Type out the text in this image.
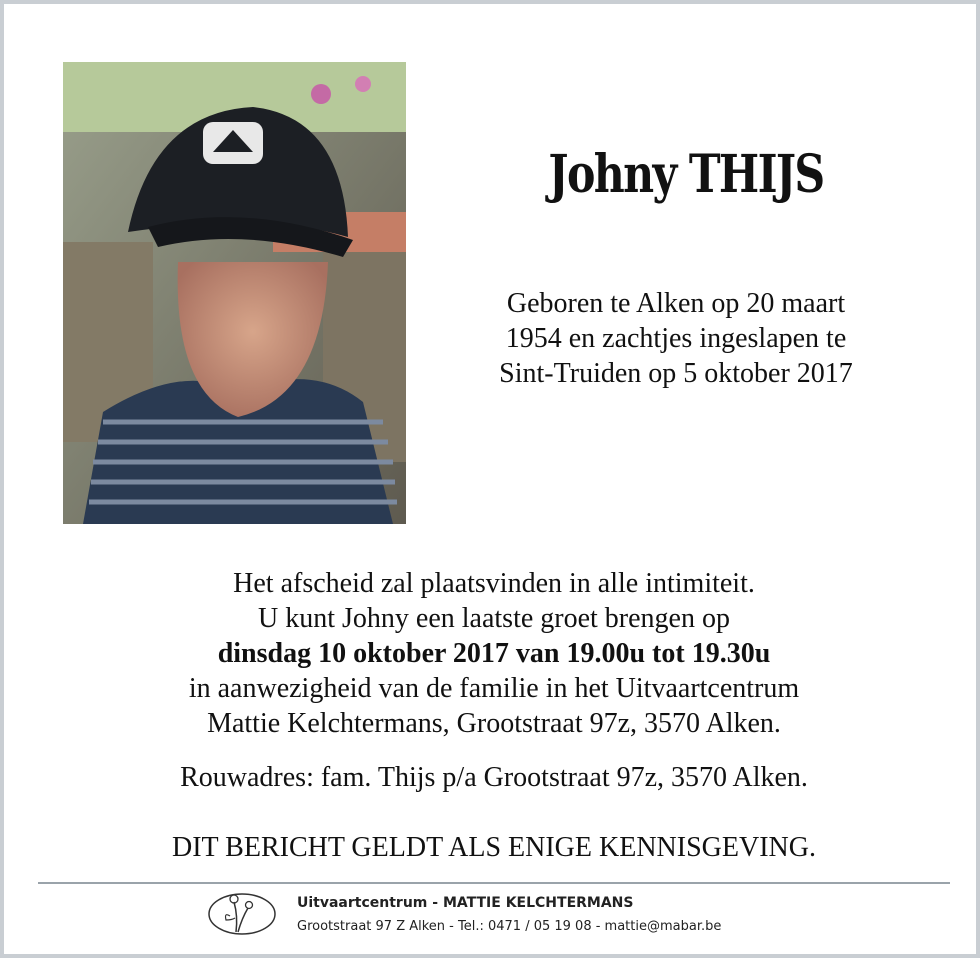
Johny THIJS
Geboren te Alken op 20 maart
1954 en zachtjes ingeslapen te
Sint-Truiden op 5 oktober 2017
Het afscheid zal plaatsvinden in alle intimiteit.
U kunt Johny een laatste groet brengen op
dinsdag 10 oktober 2017 van 19.00u tot 19.30u
in aanwezigheid van de familie in het Uitvaartcentrum
Mattie Kelchtermans, Grootstraat 97z, 3570 Alken.
Rouwadres: fam. Thijs p/a Grootstraat 97z, 3570 Alken.
DIT BERICHT GELDT ALS ENIGE KENNISGEVING.
Uitvaartcentrum - MATTIE KELCHTERMANS
Grootstraat 97 Z Alken - Tel.: 0471 / 05 19 08 - mattie@mabar.be
